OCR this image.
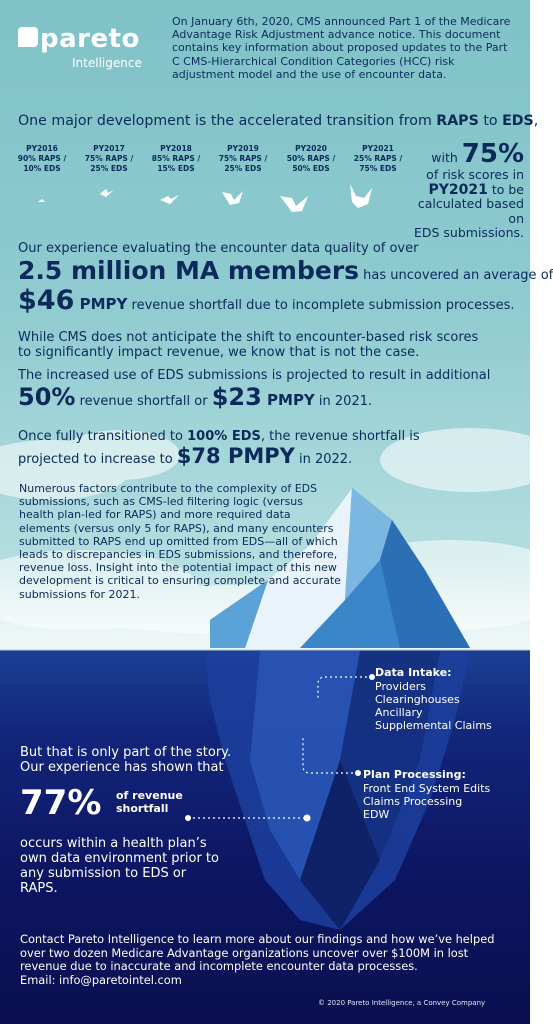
pareto
Intelligence
On January 6th, 2020, CMS announced Part 1 of the Medicare Advantage Risk Adjustment advance notice. This document contains key information about proposed updates to the Part C CMS-Hierarchical Condition Categories (HCC) risk adjustment model and the use of encounter data.
One major development is the accelerated transition from RAPS to EDS,
PY2016
90% RAPS /
10% EDS
PY2017
75% RAPS /
25% EDS
PY2018
85% RAPS /
15% EDS
PY2019
75% RAPS /
25% EDS
PY2020
50% RAPS /
50% EDS
PY2021
25% RAPS /
75% EDS
with 75%
of risk scores in
PY2021 to be
calculated based on
EDS submissions.
Our experience evaluating the encounter data quality of over
2.5 million MA members has uncovered an average of
$46 PMPY revenue shortfall due to incomplete submission processes.
While CMS does not anticipate the shift to encounter-based risk scores
to significantly impact revenue, we know that is not the case.
The increased use of EDS submissions is projected to result in additional
50% revenue shortfall or $23 PMPY in 2021.
Once fully transitioned to 100% EDS, the revenue shortfall is
projected to increase to $78 PMPY in 2022.
Numerous factors contribute to the complexity of EDS submissions, such as CMS-led filtering logic (versus health plan-led for RAPS) and more required data elements (versus only 5 for RAPS), and many encounters submitted to RAPS end up omitted from EDS—all of which leads to discrepancies in EDS submissions, and therefore, revenue loss. Insight into the potential impact of this new development is critical to ensuring complete and accurate submissions for 2021.
Data Intake:
Providers
Clearinghouses
Ancillary
Supplemental Claims
Plan Processing:
Front End System Edits
Claims Processing
EDW
But that is only part of the story.
Our experience has shown that
77% of revenue
shortfall
occurs within a health plan’s own data environment prior to any submission to EDS or RAPS.
Contact Pareto Intelligence to learn more about our findings and how we’ve helped over two dozen Medicare Advantage organizations uncover over $100M in lost revenue due to inaccurate and incomplete encounter data processes.
Email: info@paretointel.com
© 2020 Pareto Intelligence, a Convey Company
